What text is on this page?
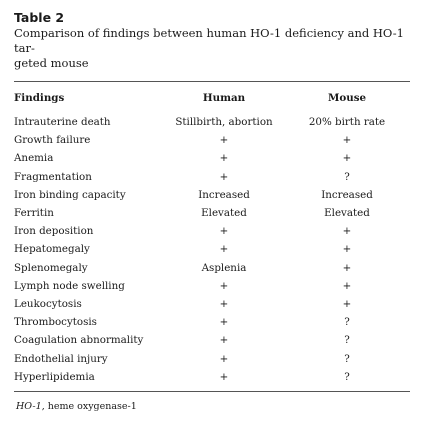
Table 2

Comparison of findings between human HO-1 deficiency and HO-1 tar-
geted mouse
Findings	Human	Mouse
Intrauterine death	Stillbirth, abortion	20% birth rate
Growth failure	+	+
Anemia	+	+
Fragmentation	+	?
Iron binding capacity	Increased	Increased
Ferritin	Elevated	Elevated
Iron deposition	+	+
Hepatomegaly	+	+
Splenomegaly	Asplenia	+
Lymph node swelling	+	+
Leukocytosis	+	+
Thrombocytosis	+	?
Coagulation abnormality	+	?
Endothelial injury	+	?
Hyperlipidemia	+	?
HO-1, heme oxygenase-1
